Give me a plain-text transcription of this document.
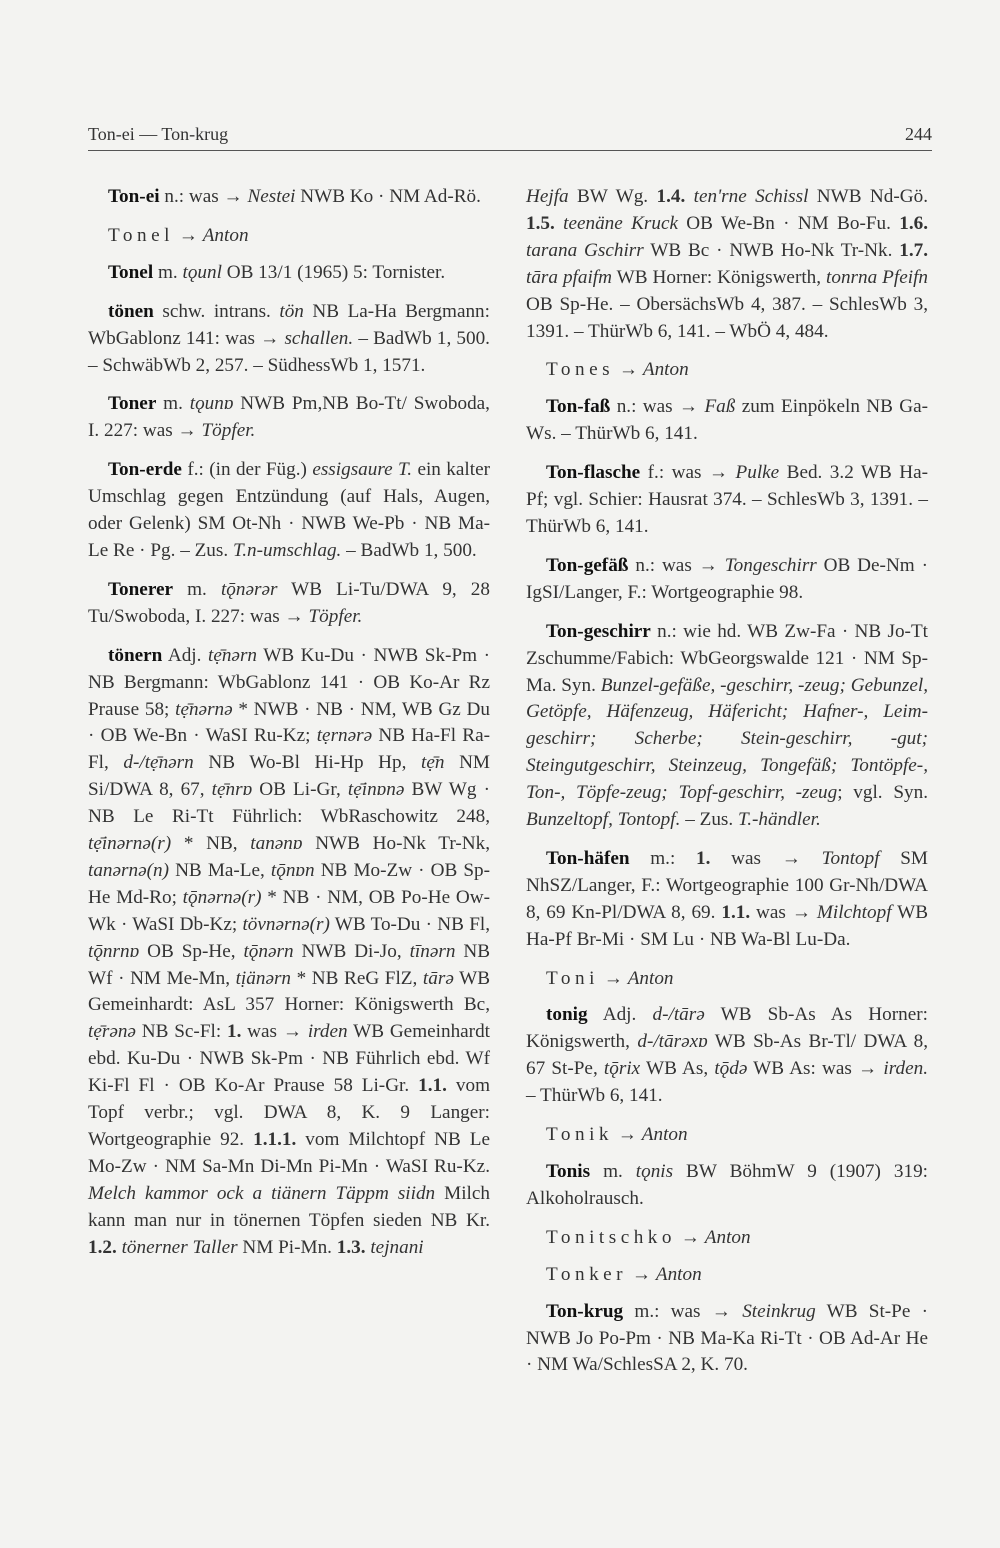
Ton-ei — Ton-krug	244

Ton-ei n.: was → Nestei NWB Ko · NM Ad-Rö.

Tonel → Anton

Tonel m. tǫunl OB 13/1 (1965) 5: Tornister.

tönen schw. intrans. tön NB La-Ha Bergmann: WbGablonz 141: was → schallen. – BadWb 1, 500. – SchwäbWb 2, 257. – SüdhessWb 1, 1571.

Toner m. tǫunɒ NWB Pm,NB Bo-Tt/ Swoboda, I. 227: was → Töpfer.

Ton-erde f.: (in der Füg.) essigsaure T. ein kalter Umschlag gegen Entzündung (auf Hals, Augen, oder Gelenk) SM Ot-Nh · NWB We-Pb · NB Ma-Le Re · Pg. – Zus. T.n-umschlag. – BadWb 1, 500.

Tonerer m. tǭnərər WB Li-Tu/DWA 9, 28 Tu/Swoboda, I. 227: was → Töpfer.

tönern Adj. tẹ̄nərn WB Ku-Du · NWB Sk-Pm · NB Bergmann: WbGablonz 141 · OB Ko-Ar Rz Prause 58; tẹ̄nərnə * NWB · NB · NM, WB Gz Du · OB We-Bn · WaSI Ru-Kz; tẹrnərə NB Ha-Fl Ra-Fl, d-/tẹ̄nərn NB Wo-Bl Hi-Hp Hp, tẹ̄n NM Si/DWA 8, 67, tẹ̄nrɒ OB Li-Gr, tẹ̄inɒnə BW Wg · NB Le Ri-Tt Führlich: WbRaschowitz 248, tẹ̄inərnə(r) * NB, tanənɒ NWB Ho-Nk Tr-Nk, tanərnə(n) NB Ma-Le, tǭnɒn NB Mo-Zw · OB Sp-He Md-Ro; tǭnərnə(r) * NB · NM, OB Po-He Ow-Wk · WaSI Db-Kz; tövnərnə(r) WB To-Du · NB Fl, tǭnrnɒ OB Sp-He, tǭnərn NWB Di-Jo, tīnərn NB Wf · NM Me-Mn, tịänərn * NB ReG FlZ, tārə WB Gemeinhardt: AsL 357 Horner: Königswerth Bc, tẹ̄rənə NB Sc-Fl: 1. was → irden WB Gemeinhardt ebd. Ku-Du · NWB Sk-Pm · NB Führlich ebd. Wf Ki-Fl Fl · OB Ko-Ar Prause 58 Li-Gr. 1.1. vom Topf verbr.; vgl. DWA 8, K. 9 Langer: Wortgeographie 92. 1.1.1. vom Milchtopf NB Le Mo-Zw · NM Sa-Mn Di-Mn Pi-Mn · WaSI Ru-Kz. Melch kammor ock a tiänern Täppm siidn Milch kann man nur in tönernen Töpfen sieden NB Kr. 1.2. tönerner Taller NM Pi-Mn. 1.3. tejnani

Hejfa BW Wg. 1.4. ten'rne Schissl NWB Nd-Gö. 1.5. teenäne Kruck OB We-Bn · NM Bo-Fu. 1.6. tarana Gschirr WB Bc · NWB Ho-Nk Tr-Nk. 1.7. tāra pfaifm WB Horner: Königswerth, tonrna Pfeifn OB Sp-He. – ObersächsWb 4, 387. – SchlesWb 3, 1391. – ThürWb 6, 141. – WbÖ 4, 484.

Tones → Anton

Ton-faß n.: was → Faß zum Einpökeln NB Ga-Ws. – ThürWb 6, 141.

Ton-flasche f.: was → Pulke Bed. 3.2 WB Ha-Pf; vgl. Schier: Hausrat 374. – SchlesWb 3, 1391. – ThürWb 6, 141.

Ton-gefäß n.: was → Tongeschirr OB De-Nm · IgSI/Langer, F.: Wortgeographie 98.

Ton-geschirr n.: wie hd. WB Zw-Fa · NB Jo-Tt Zschumme/Fabich: WbGeorgswalde 121 · NM Sp-Ma. Syn. Bunzel-gefäße, -geschirr, -zeug; Gebunzel, Getöpfe, Häfenzeug, Häfericht; Hafner-, Leim-geschirr; Scherbe; Stein-geschirr, -gut; Steingutgeschirr, Steinzeug, Tongefäß; Tontöpfe-, Ton-, Töpfe-zeug; Topf-geschirr, -zeug; vgl. Syn. Bunzeltopf, Tontopf. – Zus. T.-händler.

Ton-häfen m.: 1. was → Tontopf SM NhSZ/Langer, F.: Wortgeographie 100 Gr-Nh/DWA 8, 69 Kn-Pl/DWA 8, 69. 1.1. was → Milchtopf WB Ha-Pf Br-Mi · SM Lu · NB Wa-Bl Lu-Da.

Toni → Anton

tonig Adj. d-/tārə WB Sb-As As Horner: Königswerth, d-/tārəxɒ WB Sb-As Br-Tl/ DWA 8, 67 St-Pe, tǭrix WB As, tǭdə WB As: was → irden. – ThürWb 6, 141.

Tonik → Anton

Tonis m. tǫnis BW BöhmW 9 (1907) 319: Alkoholrausch.

Tonitschko → Anton

Tonker → Anton

Ton-krug m.: was → Steinkrug WB St-Pe · NWB Jo Po-Pm · NB Ma-Ka Ri-Tt · OB Ad-Ar He · NM Wa/SchlesSA 2, K. 70.
